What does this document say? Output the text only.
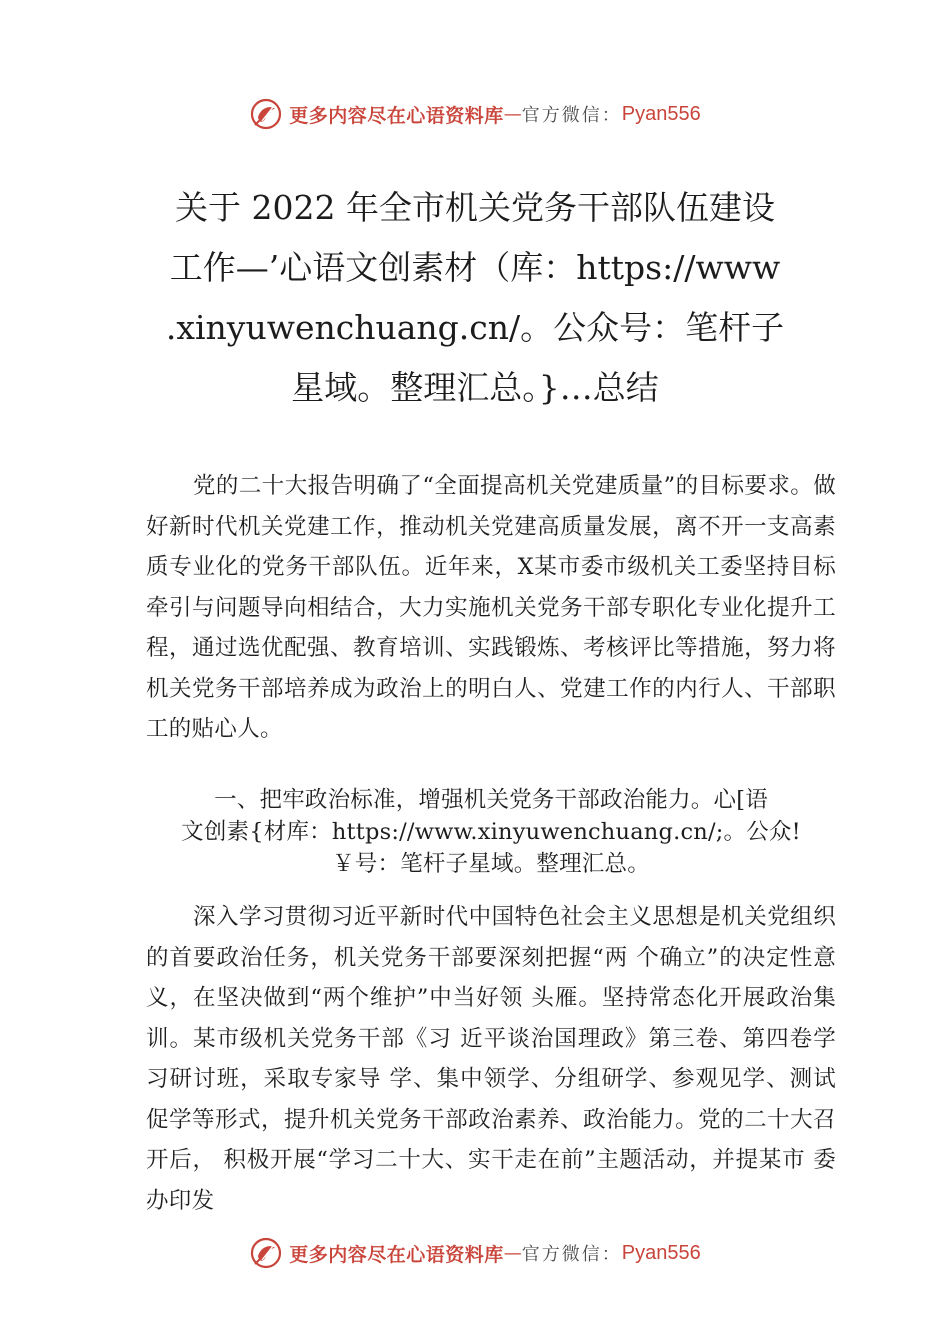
更多内容尽在心语资料库 — 官方微信： Pyan556
关于 2022 年全市机关党务干部队伍建设
工作—’心语文创素材（库：https://www
.xinyuwenchuang.cn/。公众号：笔杆子
星域。整理汇总。}…总结
党的二十大报告明确了“全面提高机关党建质量”的目标要求。做好新时代机关党建工作，推动机关党建高质量发展，离不开一支高素质专业化的党务干部队伍。近年来，X某市委市级机关工委坚持目标牵引与问题导向相结合，大力实施机关党务干部专职化专业化提升工程，通过选优配强、教育培训、实践锻炼、考核评比等措施，努力将机关党务干部培养成为政治上的明白人、党建工作的内行人、干部职工的贴心人。
一、把牢政治标准，增强机关党务干部政治能力。心[语
文创素{材库：https://www.xinyuwenchuang.cn/;。公众!
￥号：笔杆子星域。整理汇总。
深入学习贯彻习近平新时代中国特色社会主义思想是机关党组织的首要政治任务，机关党务干部要深刻把握“两 个确立”的决定性意义，在坚决做到“两个维护”中当好领 头雁。坚持常态化开展政治集训。某市级机关党务干部《习 近平谈治国理政》第三卷、第四卷学习研讨班，采取专家导 学、集中领学、分组研学、参观见学、测试促学等形式，提升机关党务干部政治素养、政治能力。党的二十大召开后， 积极开展“学习二十大、实干走在前”主题活动，并提某市 委办印发
更多内容尽在心语资料库 — 官方微信： Pyan556
